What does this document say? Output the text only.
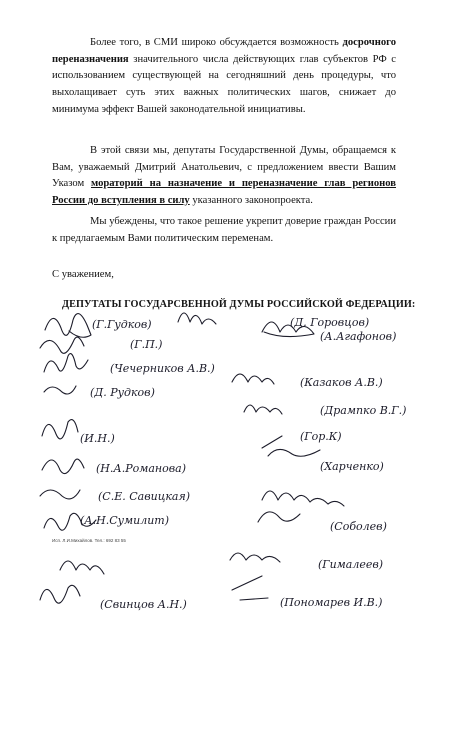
Более того, в СМИ широко обсуждается возможность досрочного переназначения значительного числа действующих глав субъектов РФ с использованием существующей на сегодняшний день процедуры, что выхолащивает суть этих важных политических шагов, снижает до минимума эффект Вашей законодательной инициативы.

В этой связи мы, депутаты Государственной Думы, обращаемся к Вам, уважаемый Дмитрий Анатольевич, с предложением ввести Вашим Указом мораторий на назначение и переназначение глав регионов России до вступления в силу указанного законопроекта.

Мы убеждены, что такое решение укрепит доверие граждан России к предлагаемым Вами политическим переменам.

С уважением,

ДЕПУТАТЫ ГОСУДАРСВЕННОЙ ДУМЫ РОССИЙСКОЙ ФЕДЕРАЦИИ:
(Г.Гудков)	(Д. Горовцов)
(Г.П.)
(А.Агафонов)
(Чечерников А.В.)
(Д. Рудков)
(Казаков А.В.)
(Дрампко В.Г.)
(И.Н.)	(Гор.К)
(Н.А.Романова)	(Харченко)
(С.Е. Савицкая)
(А.Н.Сумилит)	(Соболев)
(Гималеев)
(Свинцов А.Н.)	(Пономарев И.В.)
Исп. Л.И.Михайлов. Тел.: 692 83 55
